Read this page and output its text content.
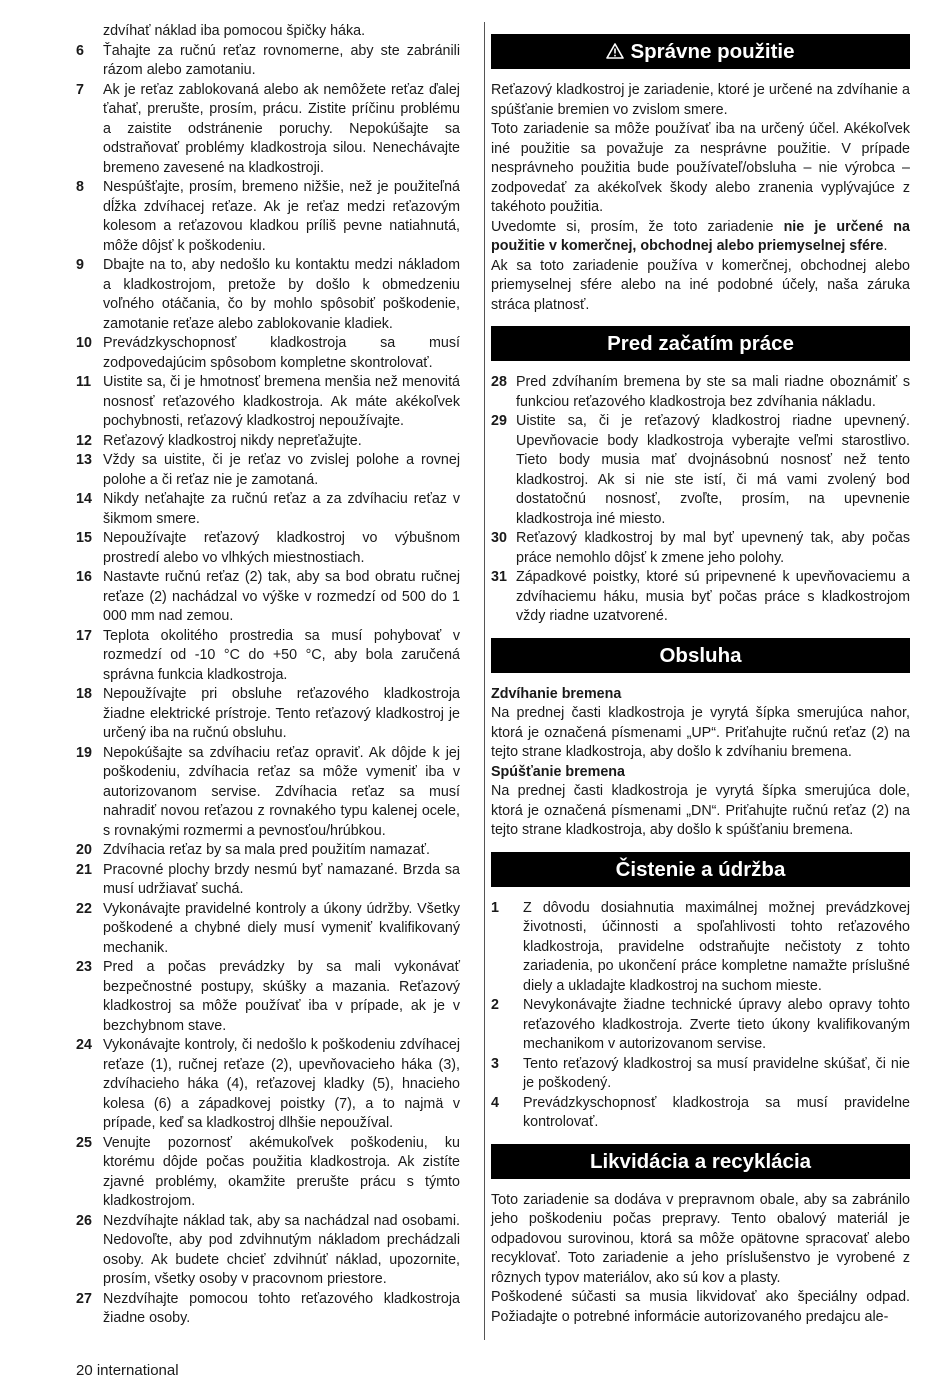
zdvíhať náklad iba pomocou špičky háka.
6	Ťahajte za ručnú reťaz rovnomerne, aby ste zabránili rázom alebo zamotaniu.
7	Ak je reťaz zablokovaná alebo ak nemôžete reťaz ďalej ťahať, prerušte, prosím, prácu. Zistite príčinu problému a zaistite odstránenie poruchy. Nepokúšajte sa odstraňovať problémy kladkostroja silou. Nenechávajte bremeno zavesené na kladkostroji.
8	Nespúšťajte, prosím, bremeno nižšie, než je použiteľná dĺžka zdvíhacej reťaze. Ak je reťaz medzi reťazovým kolesom a reťazovou kladkou príliš pevne natiahnutá, môže dôjsť k poškodeniu.
9	Dbajte na to, aby nedošlo ku kontaktu medzi nákladom a kladkostrojom, pretože by došlo k obmedzeniu voľného otáčania, čo by mohlo spôsobiť poškodenie, zamotanie reťaze alebo zablokovanie kladiek.
10 Prevádzkyschopnosť kladkostroja sa musí zodpovedajúcim spôsobom kompletne skontrolovať.
11 Uistite sa, či je hmotnosť bremena menšia než menovitá nosnosť reťazového kladkostroja. Ak máte akékoľvek pochybnosti, reťazový kladkostroj nepoužívajte.
12 Reťazový kladkostroj nikdy nepreťažujte.
13 Vždy sa uistite, či je reťaz vo zvislej polohe a rovnej polohe a či reťaz nie je zamotaná.
14 Nikdy neťahajte za ručnú reťaz a za zdvíhaciu reťaz v šikmom smere.
15 Nepoužívajte reťazový kladkostroj vo výbušnom prostredí alebo vo vlhkých miestnostiach.
16 Nastavte ručnú reťaz (2) tak, aby sa bod obratu ručnej reťaze (2) nachádzal vo výške v rozmedzí od 500 do 1 000 mm nad zemou.
17 Teplota okolitého prostredia sa musí pohybovať v rozmedzí od -10 °C do +50 °C, aby bola zaručená správna funkcia kladkostroja.
18 Nepoužívajte pri obsluhe reťazového kladkostroja žiadne elektrické prístroje. Tento reťazový kladkostroj je určený iba na ručnú obsluhu.
19 Nepokúšajte sa zdvíhaciu reťaz opraviť. Ak dôjde k jej poškodeniu, zdvíhacia reťaz sa môže vymeniť iba v autorizovanom servise. Zdvíhacia reťaz sa musí nahradiť novou reťazou z rovnakého typu kalenej ocele, s rovnakými rozmermi a pevnosťou/hrúbkou.
20 Zdvíhacia reťaz by sa mala pred použitím namazať.
21 Pracovné plochy brzdy nesmú byť namazané. Brzda sa musí udržiavať suchá.
22 Vykonávajte pravidelné kontroly a úkony údržby. Všetky poškodené a chybné diely musí vymeniť kvalifikovaný mechanik.
23 Pred a počas prevádzky by sa mali vykonávať bezpečnostné postupy, skúšky a mazania. Reťazový kladkostroj sa môže používať iba v prípade, ak je v bezchybnom stave.
24 Vykonávajte kontroly, či nedošlo k poškodeniu zdvíhacej reťaze (1), ručnej reťaze (2), upevňovacieho háka (3), zdvíhacieho háka (4), reťazovej kladky (5), hnacieho kolesa (6) a západkovej poistky (7), a to najmä v prípade, keď sa kladkostroj dlhšie nepoužíval.
25 Venujte pozornosť akémukoľvek poškodeniu, ku ktorému dôjde počas použitia kladkostroja. Ak zistíte zjavné problémy, okamžite prerušte prácu s týmto kladkostrojom.
26 Nezdvíhajte náklad tak, aby sa nachádzal nad osobami. Nedovoľte, aby pod zdvihnutým nákladom prechádzali osoby. Ak budete chcieť zdvihnúť náklad, upozornite, prosím, všetky osoby v pracovnom priestore.
27 Nezdvíhajte pomocou tohto reťazového kladkostroja žiadne osoby.
Správne použitie
Reťazový kladkostroj je zariadenie, ktoré je určené na zdvíhanie a spúšťanie bremien vo zvislom smere.
Toto zariadenie sa môže používať iba na určený účel. Akékoľvek iné použitie sa považuje za nesprávne použitie. V prípade nesprávneho použitia bude používateľ/obsluha – nie výrobca – zodpovedať za akékoľvek škody alebo zranenia vyplývajúce z takéhoto použitia.
Uvedomte si, prosím, že toto zariadenie nie je určené na použitie v komerčnej, obchodnej alebo priemyselnej sfére.
Ak sa toto zariadenie používa v komerčnej, obchodnej alebo priemyselnej sfére alebo na iné podobné účely, naša záruka stráca platnosť.
Pred začatím práce
28 Pred zdvíhaním bremena by ste sa mali riadne oboznámiť s funkciou reťazového kladkostroja bez zdvíhania nákladu.
29 Uistite sa, či je reťazový kladkostroj riadne upevnený. Upevňovacie body kladkostroja vyberajte veľmi starostlivo. Tieto body musia mať dvojnásobnú nosnosť než tento kladkostroj. Ak si nie ste istí, či má vami zvolený bod dostatočnú nosnosť, zvoľte, prosím, na upevnenie kladkostroja iné miesto.
30 Reťazový kladkostroj by mal byť upevnený tak, aby počas práce nemohlo dôjsť k zmene jeho polohy.
31 Západkové poistky, ktoré sú pripevnené k upevňovaciemu a zdvíhaciemu háku, musia byť počas práce s kladkostrojom vždy riadne uzatvorené.
Obsluha
Zdvíhanie bremena
Na prednej časti kladkostroja je vyrytá šípka smerujúca nahor, ktorá je označená písmenami „UP“. Priťahujte ručnú reťaz (2) na tejto strane kladkostroja, aby došlo k zdvíhaniu bremena.
Spúšťanie bremena
Na prednej časti kladkostroja je vyrytá šípka smerujúca dole, ktorá je označená písmenami „DN“. Priťahujte ručnú reťaz (2) na tejto strane kladkostroja, aby došlo k spúšťaniu bremena.
Čistenie a údržba
1	Z dôvodu dosiahnutia maximálnej možnej prevádzkovej životnosti, účinnosti a spoľahlivosti tohto reťazového kladkostroja, pravidelne odstraňujte nečistoty z tohto zariadenia, po ukončení práce kompletne namažte príslušné diely a ukladajte kladkostroj na suchom mieste.
2	Nevykonávajte žiadne technické úpravy alebo opravy tohto reťazového kladkostroja. Zverte tieto úkony kvalifikovaným mechanikom v autorizovanom servise.
3	Tento reťazový kladkostroj sa musí pravidelne skúšať, či nie je poškodený.
4	Prevádzkyschopnosť kladkostroja sa musí pravidelne kontrolovať.
Likvidácia a recyklácia
Toto zariadenie sa dodáva v prepravnom obale, aby sa zabránilo jeho poškodeniu počas prepravy. Tento obalový materiál je odpadovou surovinou, ktorá sa môže opätovne spracovať alebo recyklovať. Toto zariadenie a jeho príslušenstvo je vyrobené z rôznych typov materiálov, ako sú kov a plasty.
Poškodené súčasti sa musia likvidovať ako špeciálny odpad. Požiadajte o potrebné informácie autorizovaného predajcu ale-
20 international
